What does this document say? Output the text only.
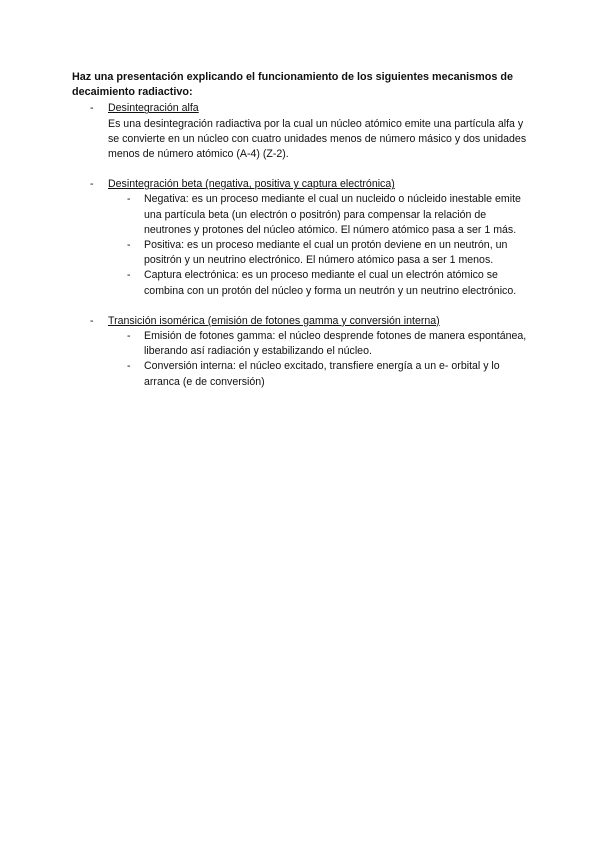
Haz una presentación explicando el funcionamiento de los siguientes mecanismos de decaimiento radiactivo:
- Desintegración alfa
Es una desintegración radiactiva por la cual un núcleo atómico emite una partícula alfa y se convierte en un núcleo con cuatro unidades menos de número másico y dos unidades menos de número atómico (A-4) (Z-2).
- Desintegración beta (negativa, positiva y captura electrónica)
- Negativa: es un proceso mediante el cual un nucleido o núcleido inestable emite una partícula beta (un electrón o positrón) para compensar la relación de neutrones y protones del núcleo atómico. El número atómico pasa a ser 1 más.
- Positiva: es un proceso mediante el cual un protón deviene en un neutrón, un positrón y un neutrino electrónico. El número atómico pasa a ser 1 menos.
- Captura electrónica: es un proceso mediante el cual un electrón atómico se combina con un protón del núcleo y forma un neutrón y un neutrino electrónico.
- Transición isomérica (emisión de fotones gamma y conversión interna)
- Emisión de fotones gamma: el núcleo desprende fotones de manera espontánea, liberando así radiación y estabilizando el núcleo.
- Conversión interna: el núcleo excitado, transfiere energía a un e- orbital y lo arranca (e de conversión)
